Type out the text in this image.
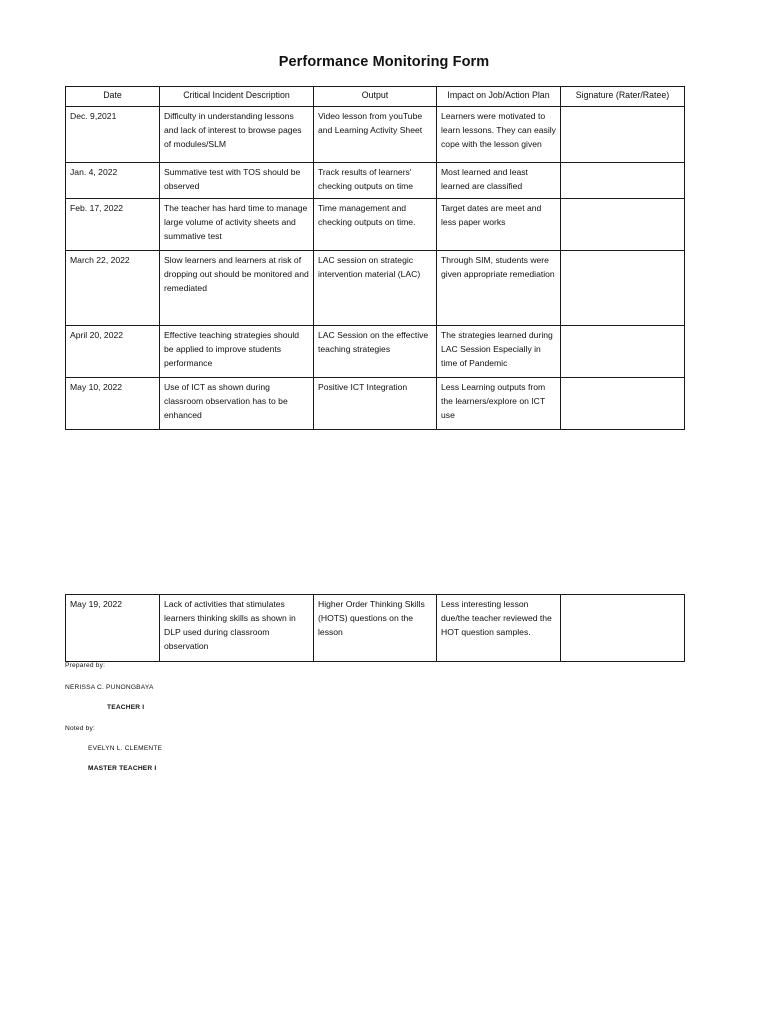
Performance Monitoring Form
Date	Critical Incident Description	Output	Impact on Job/Action Plan	Signature (Rater/Ratee)
Dec. 9,2021	Difficulty in understanding lessons and lack of interest to browse pages of modules/SLM	Video lesson from youTube and Learning Activity Sheet	Learners were motivated to learn lessons. They can easily cope with the lesson given	
Jan. 4, 2022	Summative test with TOS should be observed	Track results of learners' checking outputs on time	Most learned and least learned are classified	
Feb. 17, 2022	The teacher has hard time to manage large volume of activity sheets and summative test	Time management and checking outputs on time.	Target dates are meet and less paper works	
March 22, 2022	Slow learners and learners at risk of dropping out should be monitored and remediated	LAC session on strategic intervention material (LAC)	Through SIM, students were given appropriate remediation	
April 20, 2022	Effective teaching strategies should be applied to improve students performance	LAC Session on the effective teaching strategies	The strategies learned during LAC Session Especially in time of Pandemic	
May 10, 2022	Use of ICT as shown during classroom observation has to be enhanced	Positive ICT Integration	Less Learning outputs from the learners/explore on ICT use	
May 19, 2022	Lack of activities that stimulates learners thinking skills as shown in DLP used during classroom observation	Higher Order Thinking Skills (HOTS) questions on the lesson	Less interesting lesson due/the teacher reviewed the HOT question samples.	
Prepared by:
NERISSA C. PUNONGBAYA
TEACHER I
Noted by:
EVELYN L. CLEMENTE
MASTER TEACHER I
